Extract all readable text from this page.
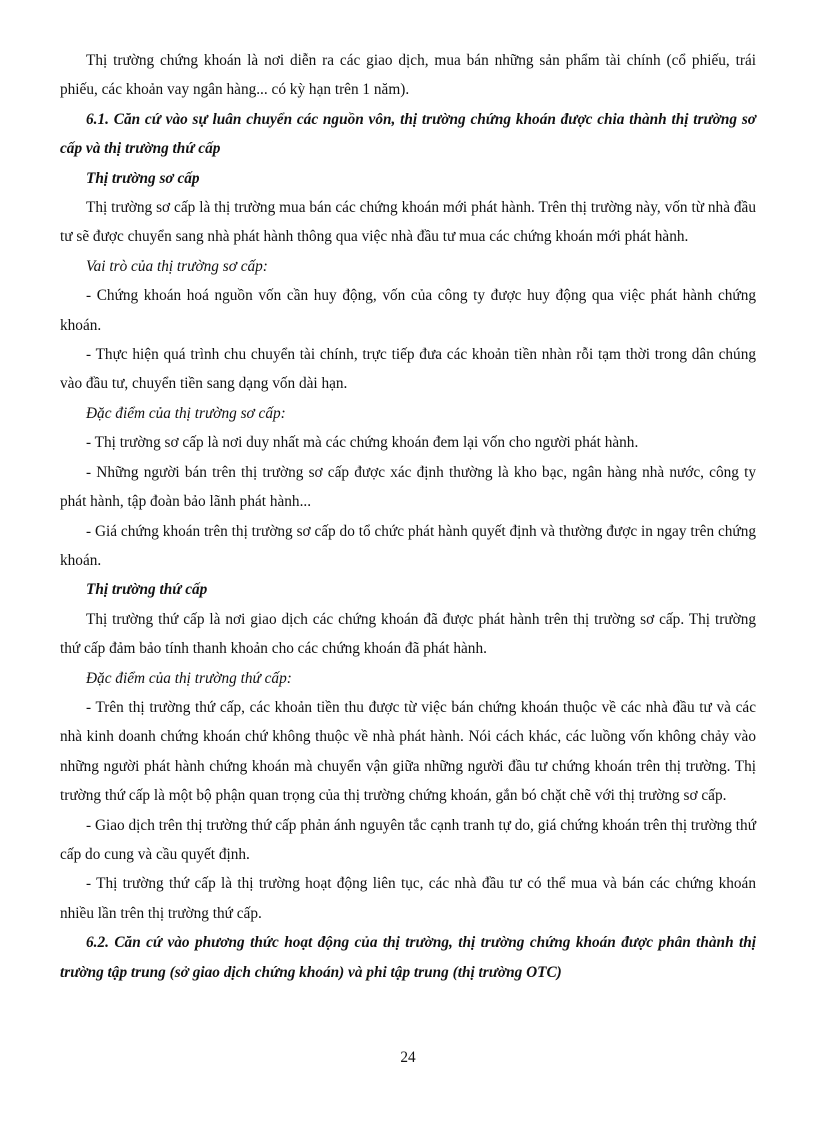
Thị trường chứng khoán là nơi diễn ra các giao dịch, mua bán những sản phẩm tài chính (cổ phiếu, trái phiếu, các khoản vay ngân hàng... có kỳ hạn trên 1 năm).

6.1. Căn cứ vào sự luân chuyển các nguồn vôn, thị trường chứng khoán được chia thành thị trường sơ cấp và thị trường thứ cấp

Thị trường sơ cấp

Thị trường sơ cấp là thị trường mua bán các chứng khoán mới phát hành. Trên thị trường này, vốn từ nhà đầu tư sẽ được chuyển sang nhà phát hành thông qua việc nhà đầu tư mua các chứng khoán mới phát hành.

Vai trò của thị trường sơ cấp:

- Chứng khoán hoá nguồn vốn cần huy động, vốn của công ty được huy động qua việc phát hành chứng khoán.

- Thực hiện quá trình chu chuyển tài chính, trực tiếp đưa các khoản tiền nhàn rỗi tạm thời trong dân chúng vào đầu tư, chuyển tiền sang dạng vốn dài hạn.

Đặc điểm của thị trường sơ cấp:

- Thị trường sơ cấp là nơi duy nhất mà các chứng khoán đem lại vốn cho người phát hành.

- Những người bán trên thị trường sơ cấp được xác định thường là kho bạc, ngân hàng nhà nước, công ty phát hành, tập đoàn bảo lãnh phát hành...

- Giá chứng khoán trên thị trường sơ cấp do tổ chức phát hành quyết định và thường được in ngay trên chứng khoán.

Thị trường thứ cấp

Thị trường thứ cấp là nơi giao dịch các chứng khoán đã được phát hành trên thị trường sơ cấp. Thị trường thứ cấp đảm bảo tính thanh khoản cho các chứng khoán đã phát hành.

Đặc điểm của thị trường thứ cấp:

- Trên thị trường thứ cấp, các khoản tiền thu được từ việc bán chứng khoán thuộc về các nhà đầu tư và các nhà kinh doanh chứng khoán chứ không thuộc về nhà phát hành. Nói cách khác, các luồng vốn không chảy vào những người phát hành chứng khoán mà chuyển vận giữa những người đầu tư chứng khoán trên thị trường. Thị trường thứ cấp là một bộ phận quan trọng của thị trường chứng khoán, gắn bó chặt chẽ với thị trường sơ cấp.

- Giao dịch trên thị trường thứ cấp phản ánh nguyên tắc cạnh tranh tự do, giá chứng khoán trên thị trường thứ cấp do cung và cầu quyết định.

- Thị trường thứ cấp là thị trường hoạt động liên tục, các nhà đầu tư có thể mua và bán các chứng khoán nhiều lần trên thị trường thứ cấp.

6.2. Căn cứ vào phương thức hoạt động của thị trường, thị trường chứng khoán được phân thành thị trường tập trung (sở giao dịch chứng khoán) và phi tập trung (thị trường OTC)

24
